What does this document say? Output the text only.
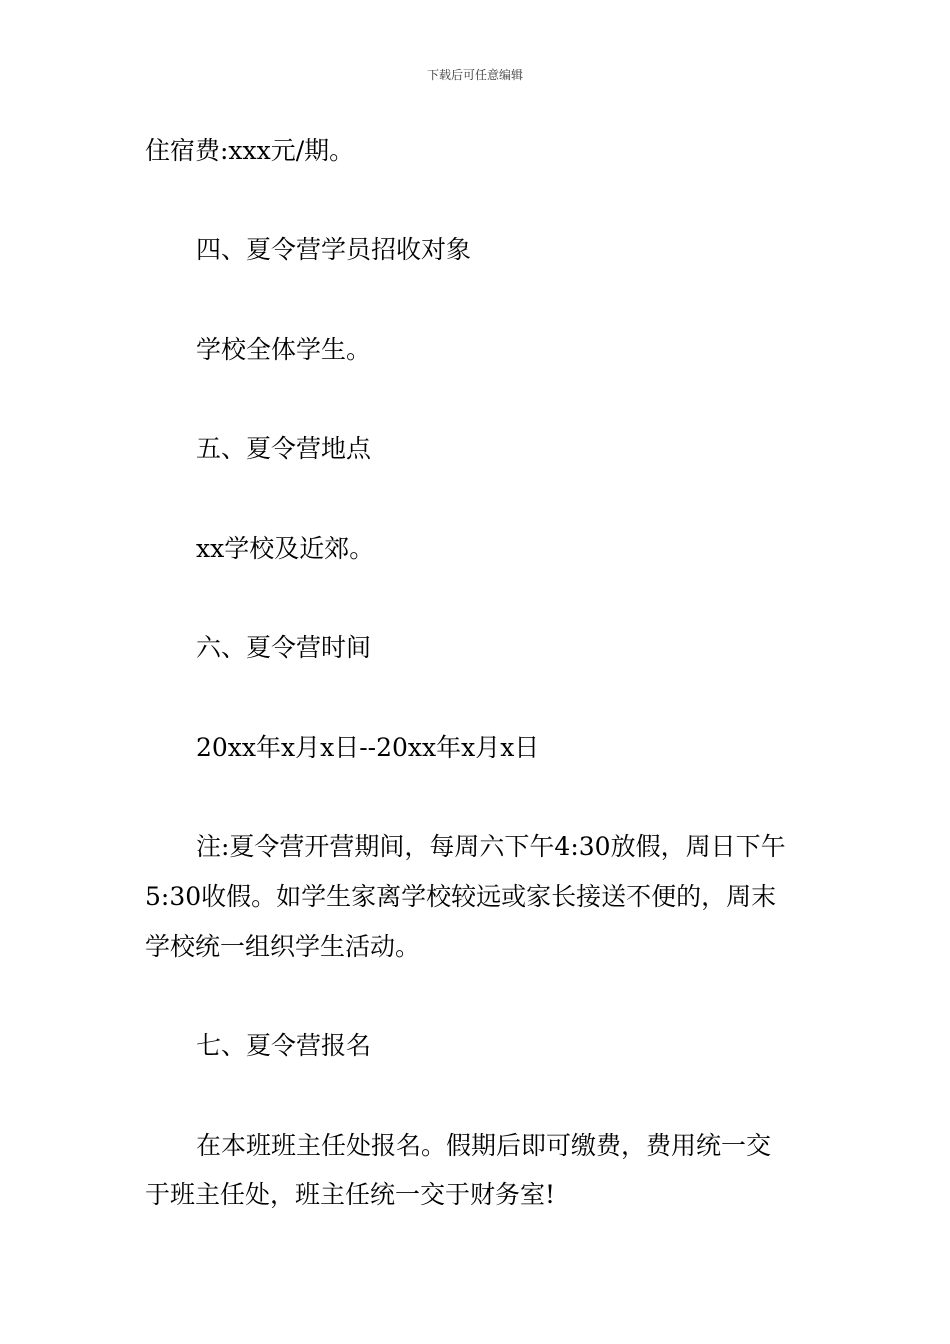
下载后可任意编辑
住宿费:xxx元/期。
四、夏令营学员招收对象
学校全体学生。
五、夏令营地点
xx学校及近郊。
六、夏令营时间
20xx年x月x日--20xx年x月x日
注:夏令营开营期间，每周六下午4:30放假，周日下午
5:30收假。如学生家离学校较远或家长接送不便的，周末
学校统一组织学生活动。
七、夏令营报名
在本班班主任处报名。假期后即可缴费，费用统一交
于班主任处，班主任统一交于财务室!
